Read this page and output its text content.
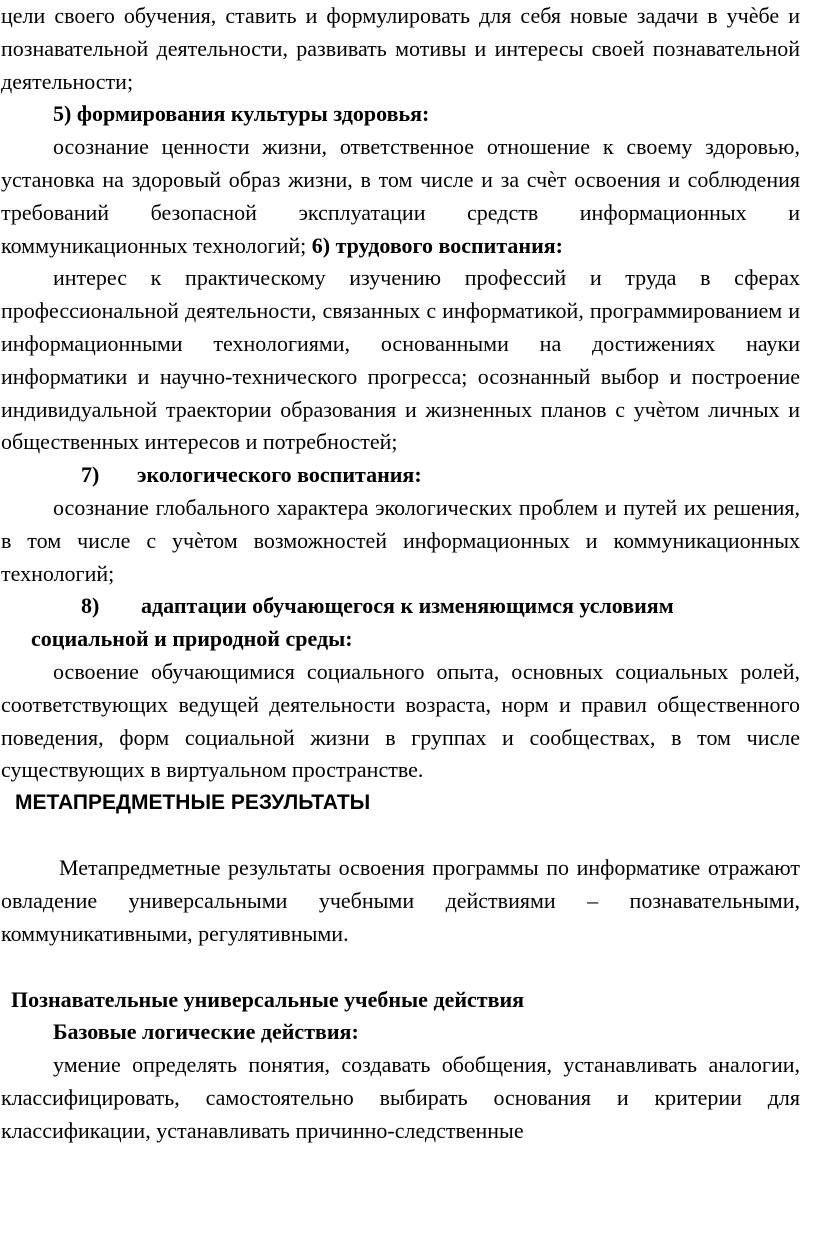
цели своего обучения, ставить и формулировать для себя новые задачи в учѐбе и познавательной деятельности, развивать мотивы и интересы своей познавательной деятельности;

5) формирования культуры здоровья:

осознание ценности жизни, ответственное отношение к своему здоровью, установка на здоровый образ жизни, в том числе и за счѐт освоения и соблюдения требований безопасной эксплуатации средств информационных и коммуникационных технологий; 6) трудового воспитания:

интерес к практическому изучению профессий и труда в сферах профессиональной деятельности, связанных с информатикой, программированием и информационными технологиями, основанными на достижениях науки информатики и научно-технического прогресса; осознанный выбор и построение индивидуальной траектории образования и жизненных планов с учѐтом личных и общественных интересов и потребностей;

7) экологического воспитания:

осознание глобального характера экологических проблем и путей их решения, в том числе с учѐтом возможностей информационных и коммуникационных технологий;

8) адаптации обучающегося к изменяющимся условиям

социальной и природной среды:

освоение обучающимися социального опыта, основных социальных ролей, соответствующих ведущей деятельности возраста, норм и правил общественного поведения, форм социальной жизни в группах и сообществах, в том числе существующих в виртуальном пространстве.

МЕТАПРЕДМЕТНЫЕ РЕЗУЛЬТАТЫ

Метапредметные результаты освоения программы по информатике отражают овладение универсальными учебными действиями – познавательными, коммуникативными, регулятивными.

Познавательные универсальные учебные действия

Базовые логические действия:

умение определять понятия, создавать обобщения, устанавливать аналогии, классифицировать, самостоятельно выбирать основания и критерии для классификации, устанавливать причинно-следственные
